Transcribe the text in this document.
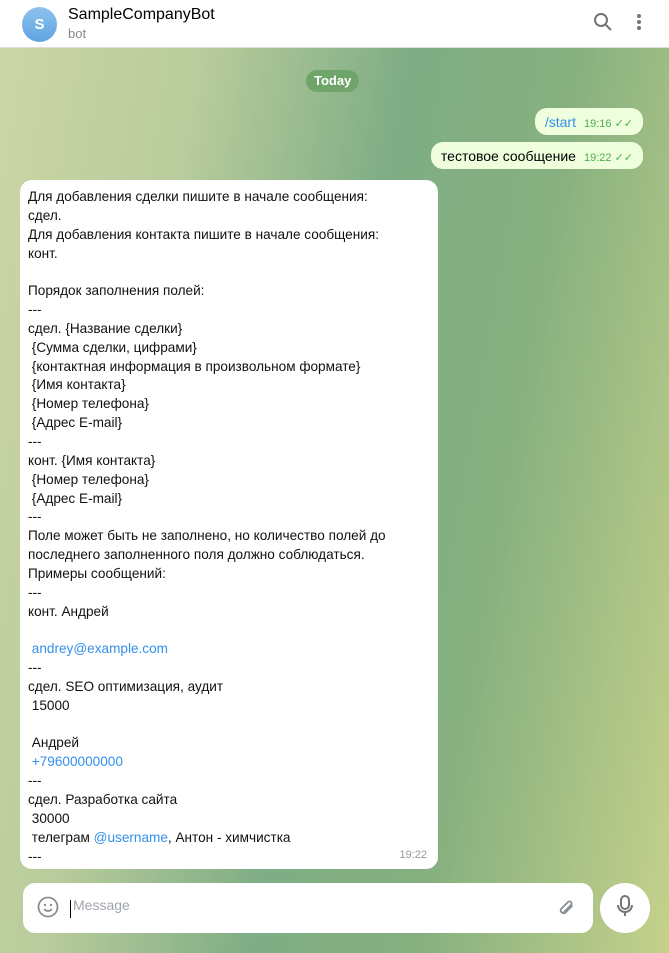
S
SampleCompanyBot
bot
Today
/start 19:16 ✓✓
тестовое сообщение 19:22 ✓✓
Для добавления сделки пишите в начале сообщения:
сдел.
Для добавления контакта пишите в начале сообщения:
конт.
Порядок заполнения полей:
---
сдел. {Название сделки}
{Сумма сделки, цифрами}
{контактная информация в произвольном формате}
{Имя контакта}
{Номер телефона}
{Адрес E-mail}
---
конт. {Имя контакта}
{Номер телефона}
{Адрес E-mail}
---
Поле может быть не заполнено, но количество полей до
последнего заполненного поля должно соблюдаться.
Примеры сообщений:
---
конт. Андрей
andrey@example.com
---
сдел. SEO оптимизация, аудит
15000
Андрей
+79600000000
---
сдел. Разработка сайта
30000
телеграм @username, Антон - химчистка
---	19:22
Message
